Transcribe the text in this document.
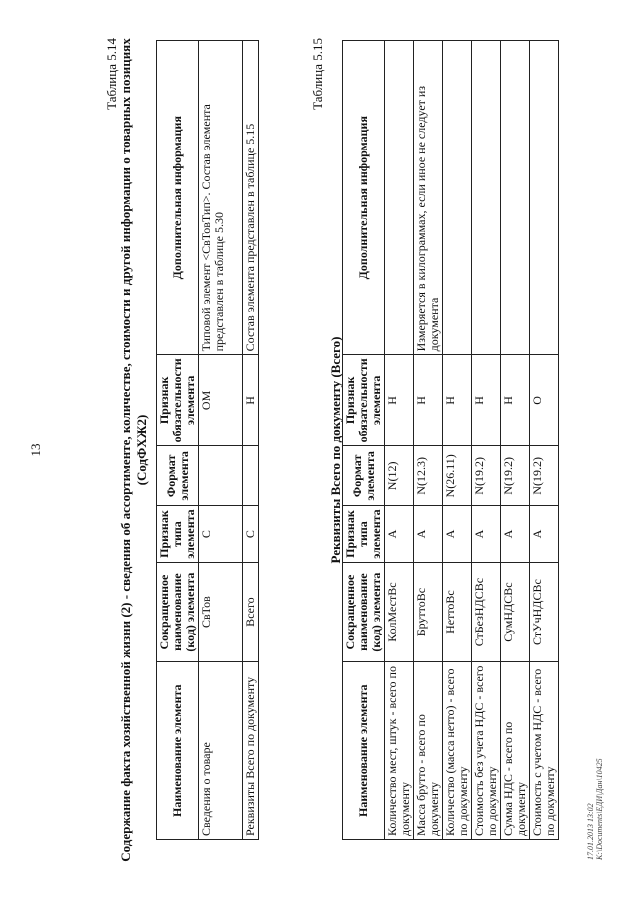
13
Таблица 5.14 Содержание факта хозяйственной жизни (2) - сведения об ассортименте, количестве, стоимости и другой информации о товарных позициях (СодФХЖ2)
Наименование элемента	Сокращенное наименование (код) элемента	Признак типа элемента	Формат элемента	Признак обязательности элемента	Дополнительная информация
Сведения о товаре	СвТов	С		ОМ	Типовой элемент <СвТовТип>. Состав элемента представлен в таблице 5.30
Реквизиты Всего по документу	Всего	С		Н	Состав элемента представлен в таблице 5.15
Таблица 5.15
Реквизиты Всего по документу (Всего)
Наименование элемента	Сокращенное наименование (код) элемента	Признак типа элемента	Формат элемента	Признак обязательности элемента	Дополнительная информация
Количество мест, штук - всего по документу	КолМестВс	А	N(12)	Н	
Масса брутто - всего по документу	БруттоВс	А	N(12.3)	Н	Измеряется в килограммах, если иное не следует из документа
Количество (масса нетто) - всего по документу	НеттоВс	А	N(26.11)	Н	
Стоимость без учета НДС - всего по документу	СтБезНДСВс	А	N(19.2)	Н	
Сумма НДС - всего по документу	СумНДСВс	А	N(19.2)	Н	
Стоимость с учетом НДС - всего по документу	СтУчНДСВс	А	N(19.2)	О	
17.01.2013 13:02 К:\Documents\ЕДИ\Дан\10425
